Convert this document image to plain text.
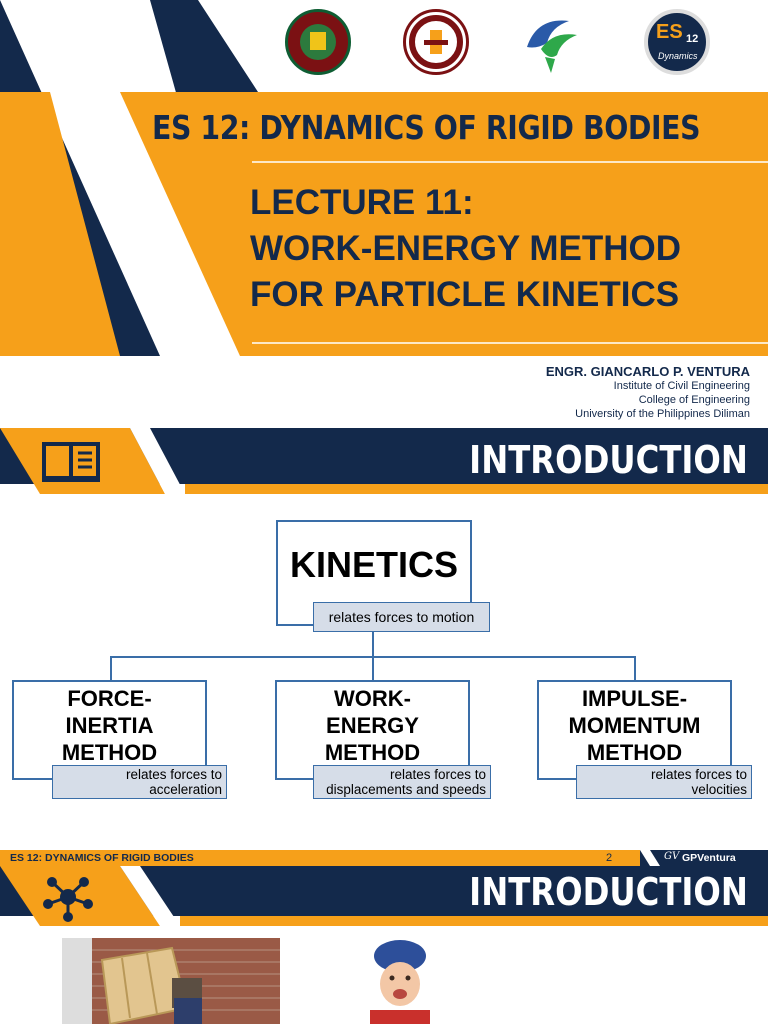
ES 12
Dynamics
ES 12: DYNAMICS OF RIGID BODIES
LECTURE 11:
WORK-ENERGY METHOD
FOR PARTICLE KINETICS
ENGR. GIANCARLO P. VENTURA
Institute of Civil Engineering
College of Engineering
University of the Philippines Diliman
INTRODUCTION
KINETICS
relates forces to motion
FORCE-
INERTIA
METHOD
relates forces to
acceleration
WORK-
ENERGY
METHOD
relates forces to
displacements and speeds
IMPULSE-
MOMENTUM
METHOD
relates forces to
velocities
ES 12: DYNAMICS OF RIGID BODIES	2	GV GPVentura
INTRODUCTION
